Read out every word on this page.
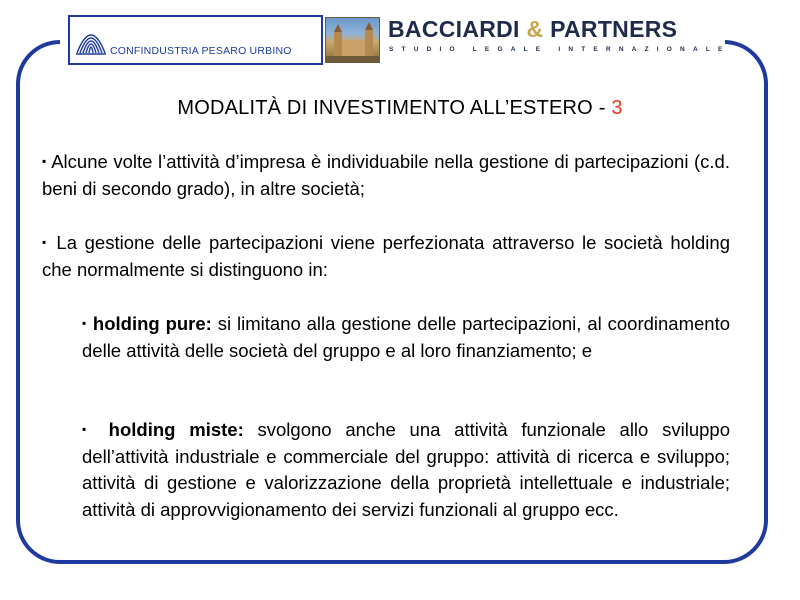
CONFINDUSTRIA PESARO URBINO
BACCIARDI & PARTNERS
STUDIO LEGALE INTERNAZIONALE
MODALITÀ DI INVESTIMENTO ALL’ESTERO - 3

▪ Alcune volte l’attività d’impresa è individuabile nella gestione di partecipazioni (c.d. beni di secondo grado), in altre società;

▪ La gestione delle partecipazioni viene perfezionata attraverso le società holding che normalmente si distinguono in:

▪ holding pure: si limitano alla gestione delle partecipazioni, al coordinamento delle attività delle società del gruppo e al loro finanziamento; e

▪ holding miste: svolgono anche una attività funzionale allo sviluppo dell’attività industriale e commerciale del gruppo: attività di ricerca e sviluppo; attività di gestione e valorizzazione della proprietà intellettuale e industriale; attività di approvvigionamento dei servizi funzionali al gruppo ecc.
